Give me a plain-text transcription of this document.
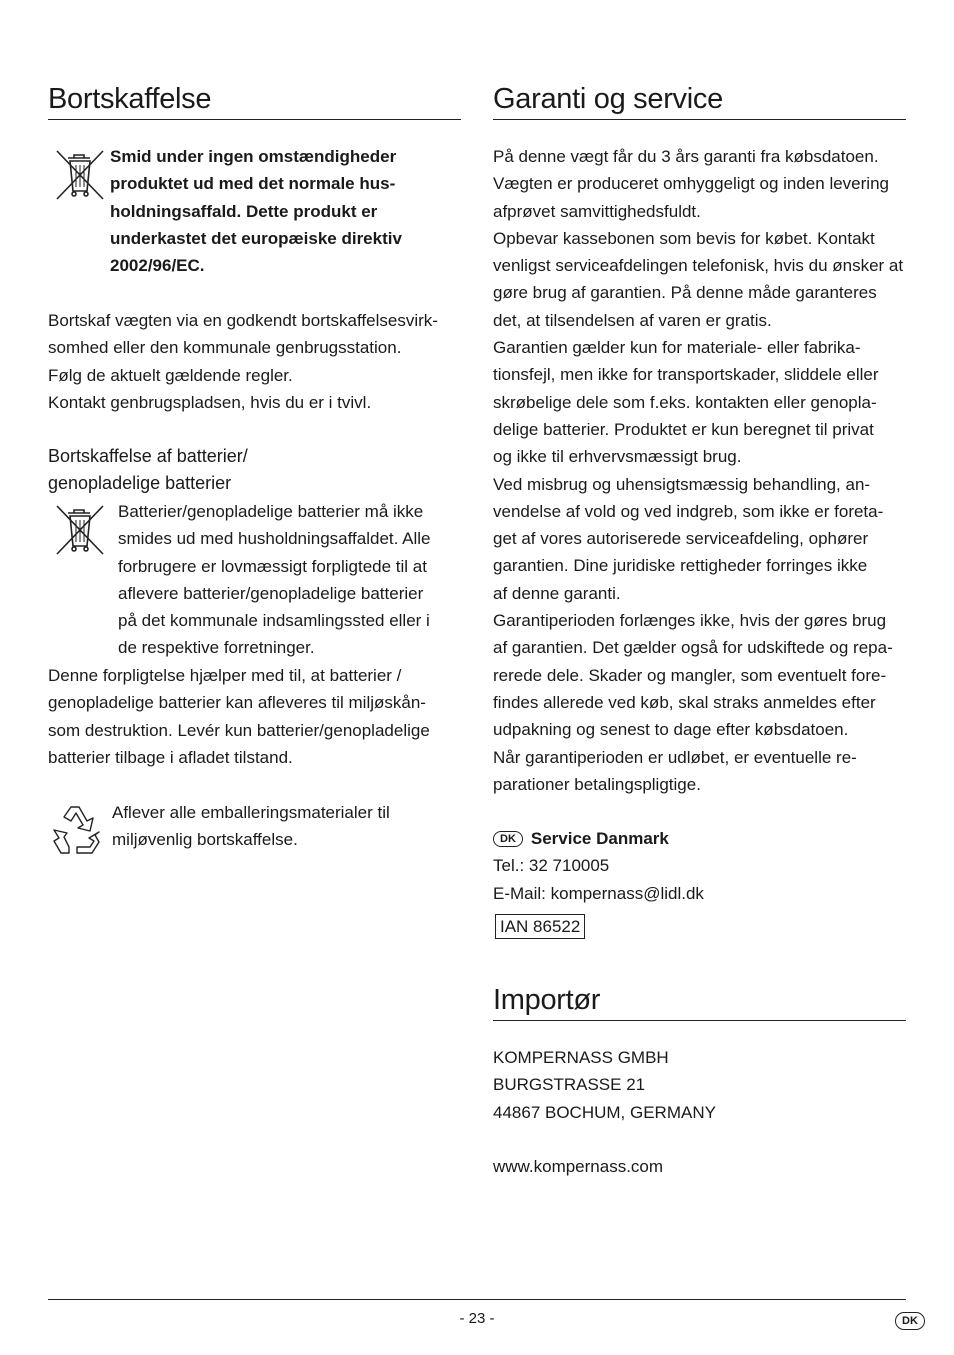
Bortskaffelse

Smid under ingen omstændigheder
produktet ud med det normale hus-
holdningsaffald. Dette produkt er
underkastet det europæiske direktiv
2002/96/EC.

Bortskaf vægten via en godkendt bortskaffelsesvirk-
somhed eller den kommunale genbrugsstation.
Følg de aktuelt gældende regler.
Kontakt genbrugspladsen, hvis du er i tvivl.

Bortskaffelse af batterier/
genopladelige batterier

Batterier/genopladelige batterier må ikke
smides ud med husholdningsaffaldet. Alle
forbrugere er lovmæssigt forpligtede til at
aflevere batterier/genopladelige batterier
på det kommunale indsamlingssted eller i
de respektive forretninger.

Denne forpligtelse hjælper med til, at batterier /
genopladelige batterier kan afleveres til miljøskån-
som destruktion. Levér kun batterier/genopladelige
batterier tilbage i afladet tilstand.

Aflever alle emballeringsmaterialer til
miljøvenlig bortskaffelse.

Garanti og service

På denne vægt får du 3 års garanti fra købsdatoen.
Vægten er produceret omhyggeligt og inden levering
afprøvet samvittighedsfuldt.
Opbevar kassebonen som bevis for købet. Kontakt
venligst serviceafdelingen telefonisk, hvis du ønsker at
gøre brug af garantien. På denne måde garanteres
det, at tilsendelsen af varen er gratis.
Garantien gælder kun for materiale- eller fabrika-
tionsfejl, men ikke for transportskader, sliddele eller
skrøbelige dele som f.eks. kontakten eller genopla-
delige batterier. Produktet er kun beregnet til privat
og ikke til erhvervsmæssigt brug.
Ved misbrug og uhensigtsmæssig behandling, an-
vendelse af vold og ved indgreb, som ikke er foreta-
get af vores autoriserede serviceafdeling, ophører
garantien. Dine juridiske rettigheder forringes ikke
af denne garanti.
Garantiperioden forlænges ikke, hvis der gøres brug
af garantien. Det gælder også for udskiftede og repa-
rerede dele. Skader og mangler, som eventuelt fore-
findes allerede ved køb, skal straks anmeldes efter
udpakning og senest to dage efter købsdatoen.
Når garantiperioden er udløbet, er eventuelle re-
parationer betalingspligtige.

DK Service Danmark
Tel.: 32 710005
E-Mail: kompernass@lidl.dk

IAN 86522
Importør

KOMPERNASS GMBH
BURGSTRASSE 21
44867 BOCHUM, GERMANY

www.kompernass.com

- 23 -	DK
